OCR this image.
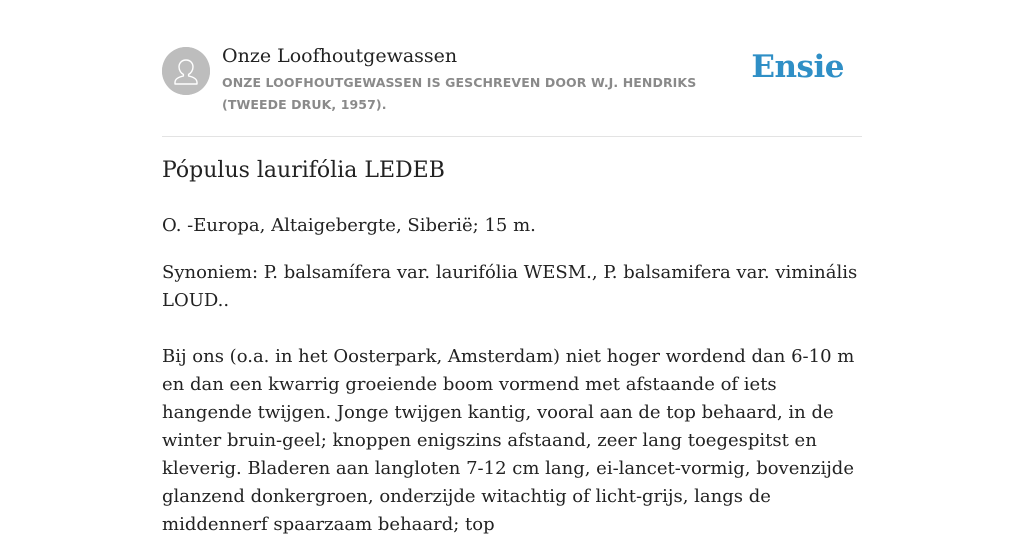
Onze Loofhoutgewassen
ONZE LOOFHOUTGEWASSEN IS GESCHREVEN DOOR W.J. HENDRIKS (TWEEDE DRUK, 1957).
Ensie
Pópulus laurifólia LEDEB

O. -Europa, Altaigebergte, Siberië; 15 m.

Synoniem: P. balsamífera var. laurifólia WESM., P. balsamifera var. viminális LOUD..

Bij ons (o.a. in het Oosterpark, Amsterdam) niet hoger wordend dan 6-10 m en dan een kwarrig groeiende boom vormend met afstaande of iets hangende twijgen. Jonge twijgen kantig, vooral aan de top behaard, in de winter bruin-geel; knoppen enigszins afstaand, zeer lang toegespitst en kleverig. Bladeren aan langloten 7-12 cm lang, ei-lancet-vormig, bovenzijde glanzend donkergroen, onderzijde witachtig of licht-grijs, langs de middennerf spaarzaam behaard; top
